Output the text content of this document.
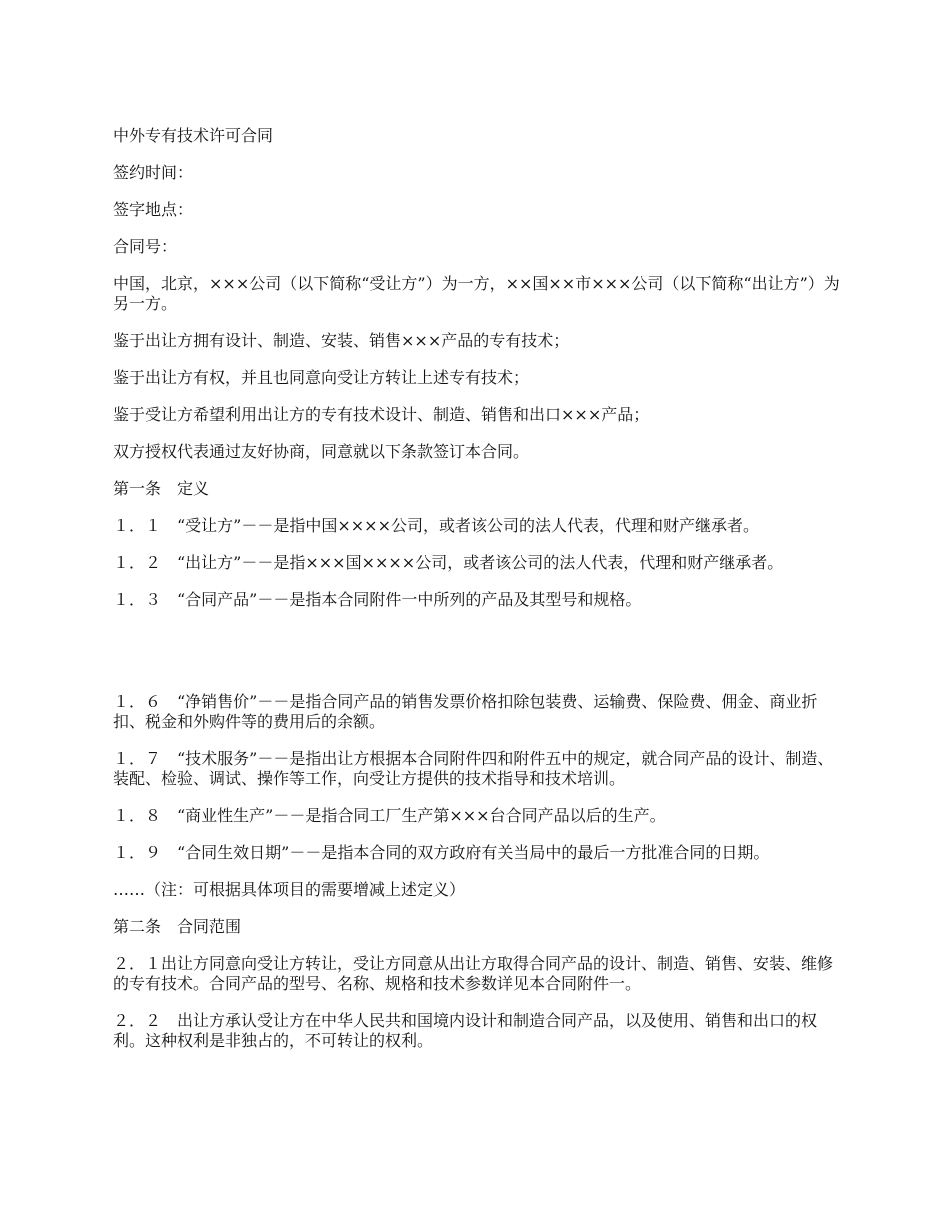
中外专有技术许可合同

签约时间：

签字地点：

合同号：

中国，北京，×××公司（以下简称“受让方”）为一方，××国××市×××公司（以下简称“出让方”）为另一方。

鉴于出让方拥有设计、制造、安装、销售×××产品的专有技术；

鉴于出让方有权，并且也同意向受让方转让上述专有技术；

鉴于受让方希望利用出让方的专有技术设计、制造、销售和出口×××产品；

双方授权代表通过友好协商，同意就以下条款签订本合同。

第一条　定义

１．１　“受让方”－－是指中国××××公司，或者该公司的法人代表，代理和财产继承者。

１．２　“出让方”－－是指×××国××××公司，或者该公司的法人代表，代理和财产继承者。

１．３　“合同产品”－－是指本合同附件一中所列的产品及其型号和规格。

１．６　“净销售价”－－是指合同产品的销售发票价格扣除包装费、运输费、保险费、佣金、商业折扣、税金和外购件等的费用后的余额。

１．７　“技术服务”－－是指出让方根据本合同附件四和附件五中的规定，就合同产品的设计、制造、装配、检验、调试、操作等工作，向受让方提供的技术指导和技术培训。

１．８　“商业性生产”－－是指合同工厂生产第×××台合同产品以后的生产。

１．９　“合同生效日期”－－是指本合同的双方政府有关当局中的最后一方批准合同的日期。

……（注：可根据具体项目的需要增减上述定义）

第二条　合同范围

２．１出让方同意向受让方转让，受让方同意从出让方取得合同产品的设计、制造、销售、安装、维修的专有技术。合同产品的型号、名称、规格和技术参数详见本合同附件一。

２．２　出让方承认受让方在中华人民共和国境内设计和制造合同产品，以及使用、销售和出口的权利。这种权利是非独占的，不可转让的权利。
